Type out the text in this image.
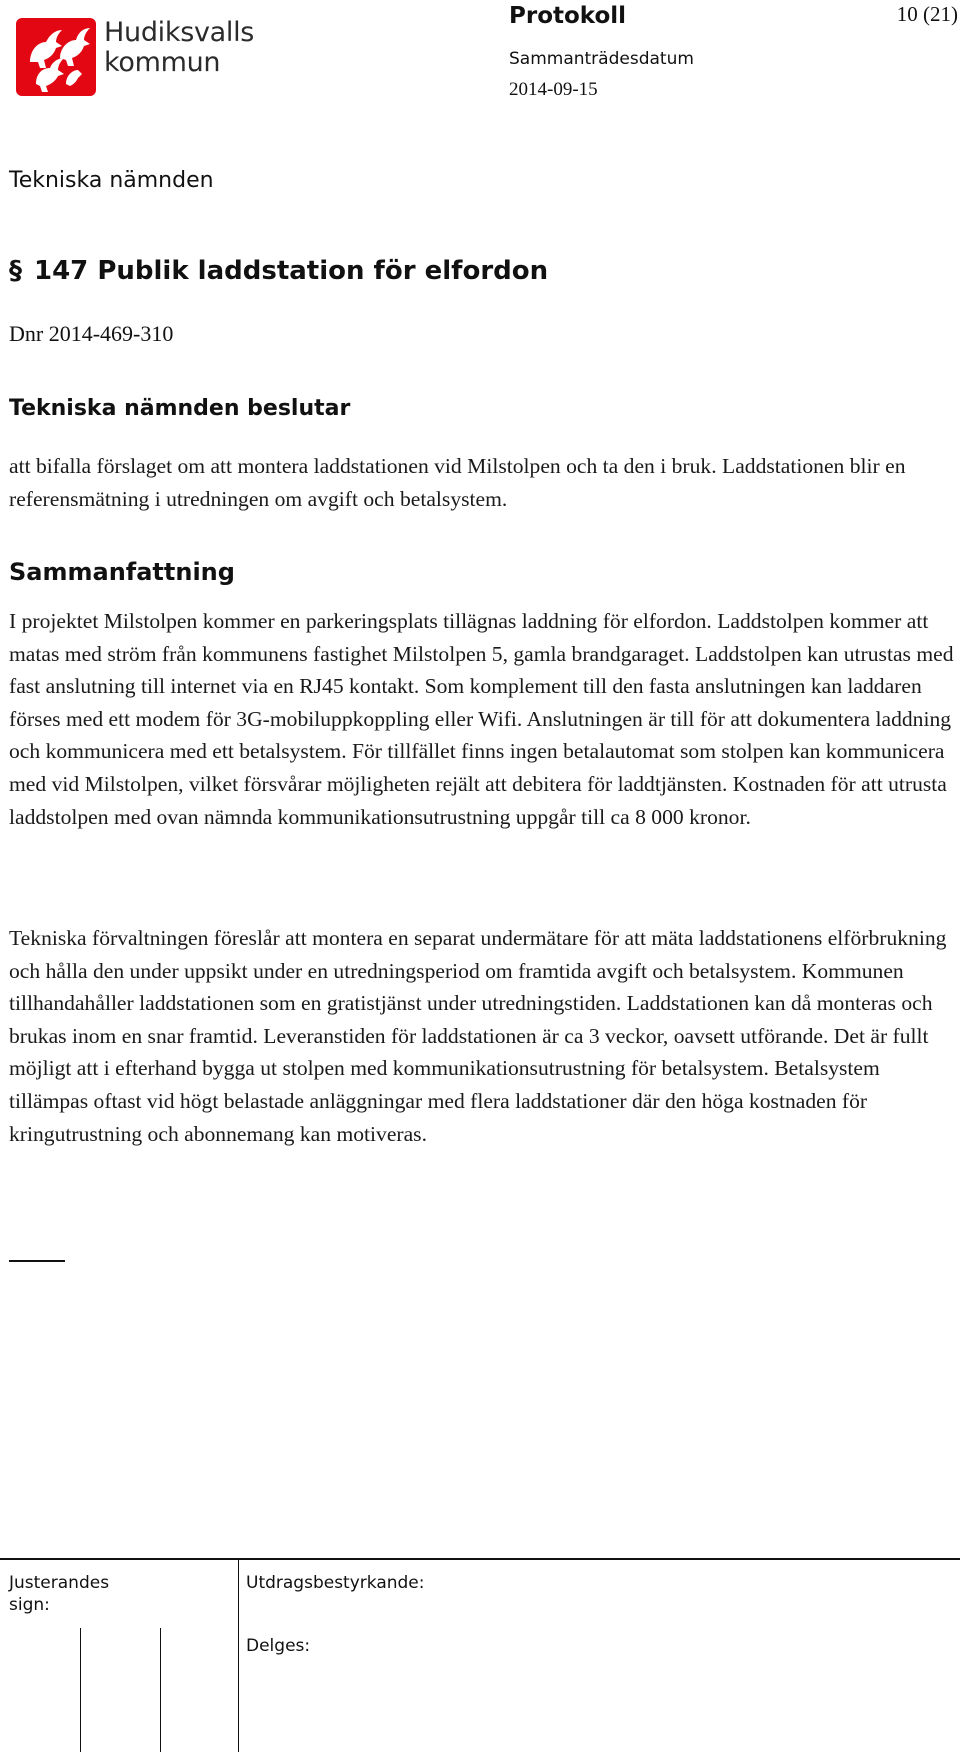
Hudiksvalls
kommun
Protokoll	10 (21)
Sammanträdesdatum
2014-09-15
Tekniska nämnden
§ 147 Publik laddstation för elfordon
Dnr 2014-469-310
Tekniska nämnden beslutar
att bifalla förslaget om att montera laddstationen vid Milstolpen och ta den i bruk. Laddstationen blir en referensmätning i utredningen om avgift och betalsystem.
Sammanfattning
I projektet Milstolpen kommer en parkeringsplats tillägnas laddning för elfordon. Laddstolpen kommer att matas med ström från kommunens fastighet Milstolpen 5, gamla brandgaraget. Laddstolpen kan utrustas med fast anslutning till internet via en RJ45 kontakt. Som komplement till den fasta anslutningen kan laddaren förses med ett modem för 3G-mobiluppkoppling eller Wifi. Anslutningen är till för att dokumentera laddning och kommunicera med ett betalsystem. För tillfället finns ingen betalautomat som stolpen kan kommunicera med vid Milstolpen, vilket försvårar möjligheten rejält att debitera för laddtjänsten. Kostnaden för att utrusta laddstolpen med ovan nämnda kommunikationsutrustning uppgår till ca 8 000 kronor.
Tekniska förvaltningen föreslår att montera en separat undermätare för att mäta laddstationens elförbrukning och hålla den under uppsikt under en utredningsperiod om framtida avgift och betalsystem. Kommunen tillhandahåller laddstationen som en gratistjänst under utredningstiden. Laddstationen kan då monteras och brukas inom en snar framtid. Leveranstiden för laddstationen är ca 3 veckor, oavsett utförande. Det är fullt möjligt att i efterhand bygga ut stolpen med kommunikationsutrustning för betalsystem. Betalsystem tillämpas oftast vid högt belastade anläggningar med flera laddstationer där den höga kostnaden för kringutrustning och abonnemang kan motiveras.
Justerandes sign:
Utdragsbestyrkande:
Delges:
